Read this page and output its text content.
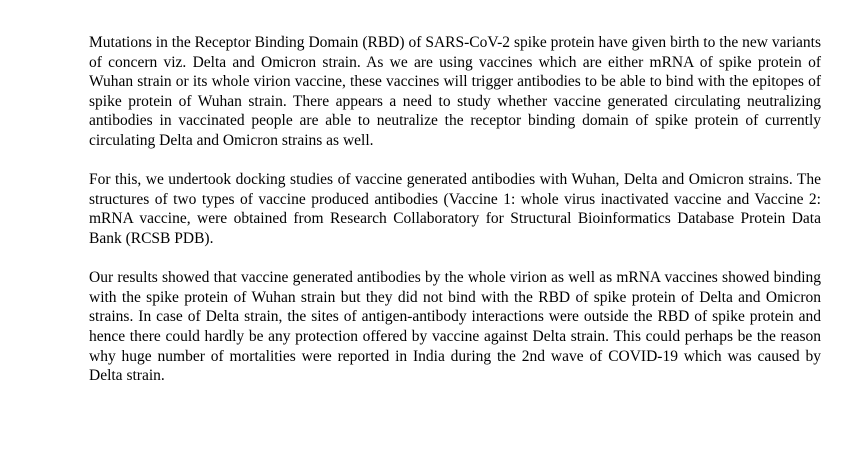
Mutations in the Receptor Binding Domain (RBD) of SARS-CoV-2 spike protein have given birth to the new variants of concern viz. Delta and Omicron strain. As we are using vaccines which are either mRNA of spike protein of Wuhan strain or its whole virion vaccine, these vaccines will trigger antibodies to be able to bind with the epitopes of spike protein of Wuhan strain. There appears a need to study whether vaccine generated circulating neutralizing antibodies in vaccinated people are able to neutralize the receptor binding domain of spike protein of currently circulating Delta and Omicron strains as well.

For this, we undertook docking studies of vaccine generated antibodies with Wuhan, Delta and Omicron strains. The structures of two types of vaccine produced antibodies (Vaccine 1: whole virus inactivated vaccine and Vaccine 2: mRNA vaccine, were obtained from Research Collaboratory for Structural Bioinformatics Database Protein Data Bank (RCSB PDB).

Our results showed that vaccine generated antibodies by the whole virion as well as mRNA vaccines showed binding with the spike protein of Wuhan strain but they did not bind with the RBD of spike protein of Delta and Omicron strains. In case of Delta strain, the sites of antigen-antibody interactions were outside the RBD of spike protein and hence there could hardly be any protection offered by vaccine against Delta strain. This could perhaps be the reason why huge number of mortalities were reported in India during the 2nd wave of COVID-19 which was caused by Delta strain.
